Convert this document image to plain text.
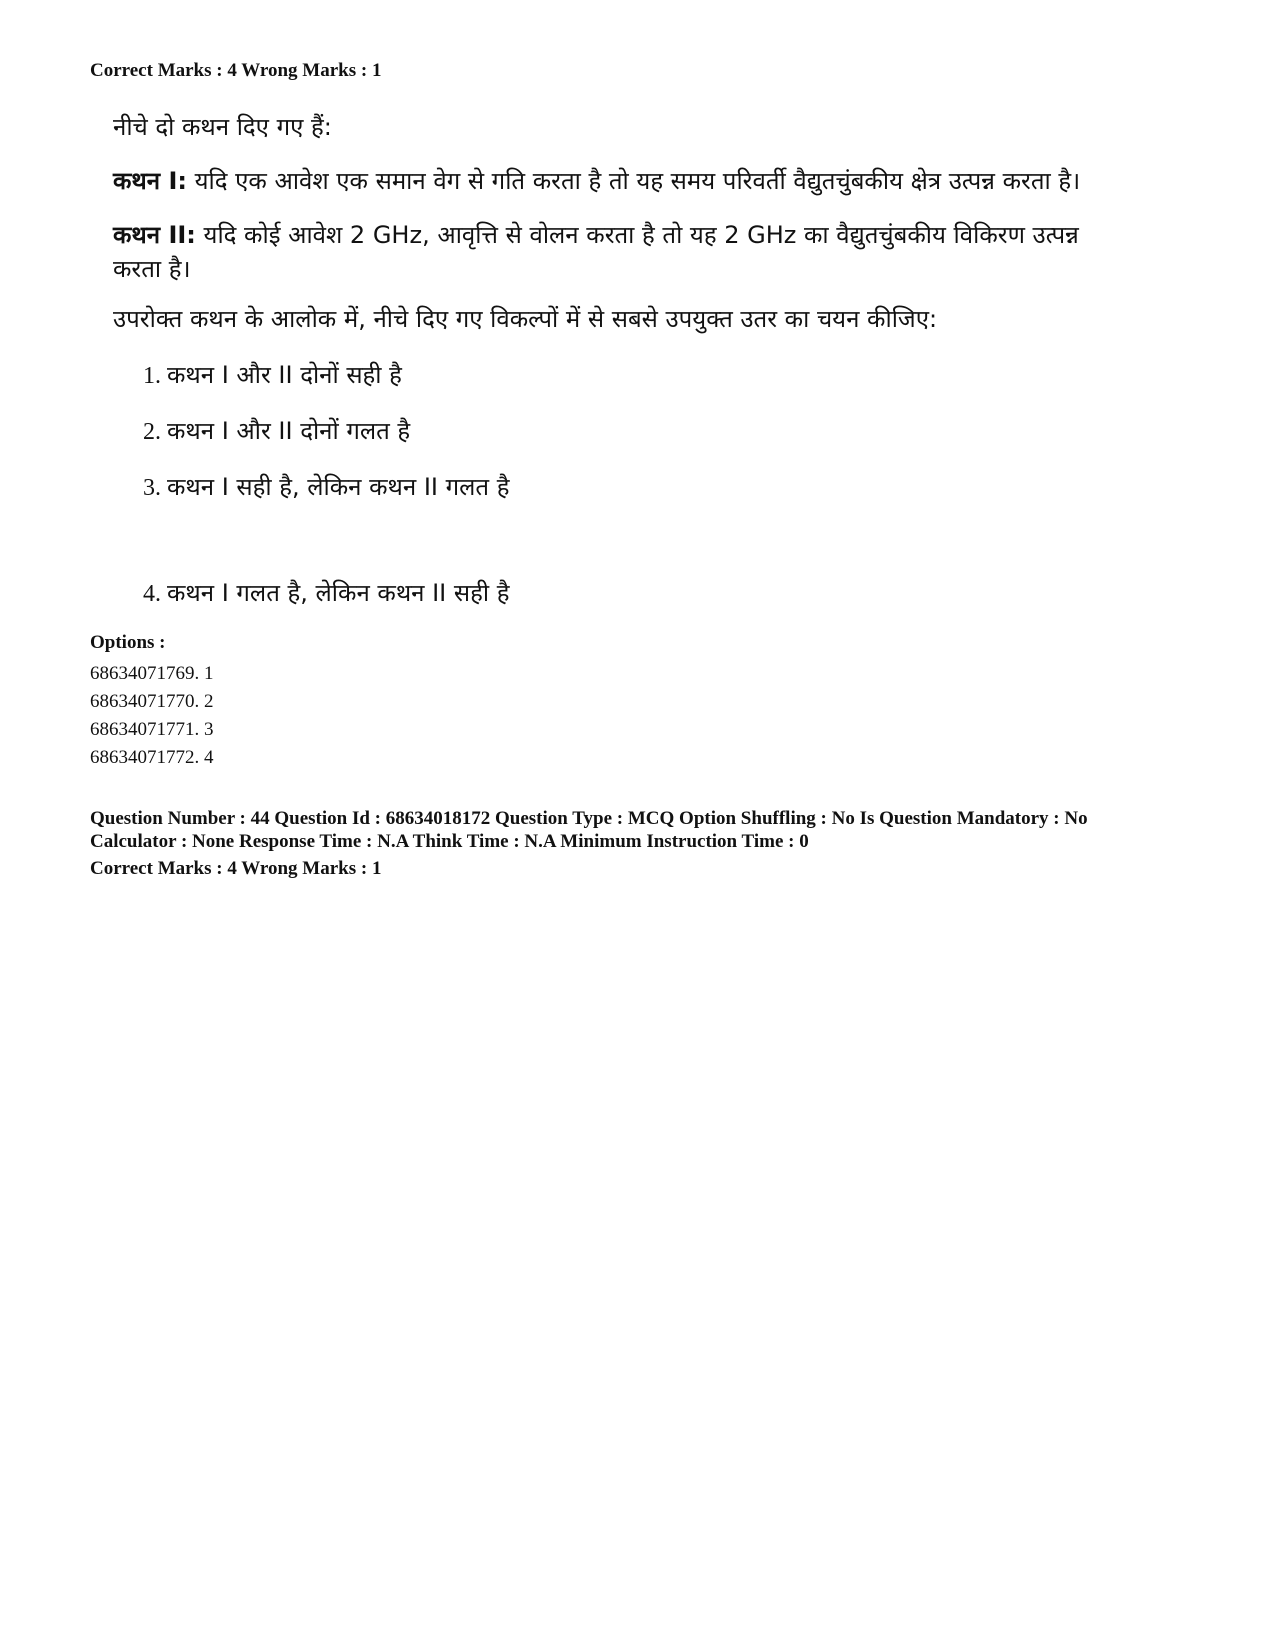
Correct Marks : 4 Wrong Marks : 1
नीचे दो कथन दिए गए हैं:
कथन I: यदि एक आवेश एक समान वेग से गति करता है तो यह समय परिवर्ती वैद्युतचुंबकीय क्षेत्र उत्पन्न करता है।
कथन II: यदि कोई आवेश 2 GHz, आवृत्ति से वोलन करता है तो यह 2 GHz का वैद्युतचुंबकीय विकिरण उत्पन्न करता है।
उपरोक्त कथन के आलोक में, नीचे दिए गए विकल्पों में से सबसे उपयुक्त उतर का चयन कीजिए:
1. कथन I और II दोनों सही है
2. कथन I और II दोनों गलत है
3. कथन I सही है, लेकिन कथन II गलत है
4. कथन I गलत है, लेकिन कथन II सही है
Options :
68634071769. 1
68634071770. 2
68634071771. 3
68634071772. 4
Question Number : 44 Question Id : 68634018172 Question Type : MCQ Option Shuffling : No Is Question Mandatory : No Calculator : None Response Time : N.A Think Time : N.A Minimum Instruction Time : 0
Correct Marks : 4 Wrong Marks : 1
